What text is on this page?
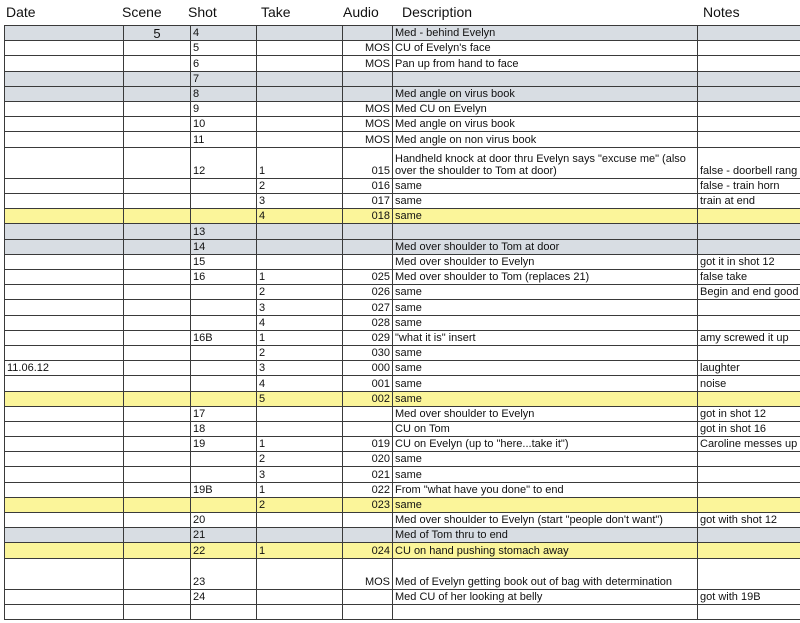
Date	Scene Shot	Take	Audio Description	Notes
	5	4			Med - behind Evelyn	
		5		MOS	CU of Evelyn's face	
		6		MOS	Pan up from hand to face	
		7				
		8			Med angle on virus book	
		9		MOS	Med CU on Evelyn	
		10		MOS	Med angle on virus book	
		11		MOS	Med angle on non virus book	
		12	1	015	Handheld knock at door thru Evelyn says "excuse me" (also over the shoulder to Tom at door)	false - doorbell rang
			2	016	same	false - train horn
			3	017	same	train at end
			4	018	same	
		13				
		14			Med over shoulder to Tom at door	
		15			Med over shoulder to Evelyn	got it in shot 12
		16	1	025	Med over shoulder to Tom (replaces 21)	false take
			2	026	same	Begin and end good
			3	027	same	
			4	028	same	
		16B	1	029	"what it is" insert	amy screwed it up
			2	030	same	
11.06.12			3	000	same	laughter
			4	001	same	noise
			5	002	same	
		17			Med over shoulder to Evelyn	got in shot 12
		18			CU on Tom	got in shot 16
		19	1	019	CU on Evelyn (up to "here...take it")	Caroline messes up
			2	020	same	
			3	021	same	
		19B	1	022	From "what have you done" to end	
			2	023	same	
		20			Med over shoulder to Evelyn (start "people don't want")	got with shot 12
		21			Med of Tom thru to end	
		22	1	024	CU on hand pushing stomach away	
		23		MOS	Med of Evelyn getting book out of bag with determination	
		24			Med CU of her looking at belly	got with 19B
